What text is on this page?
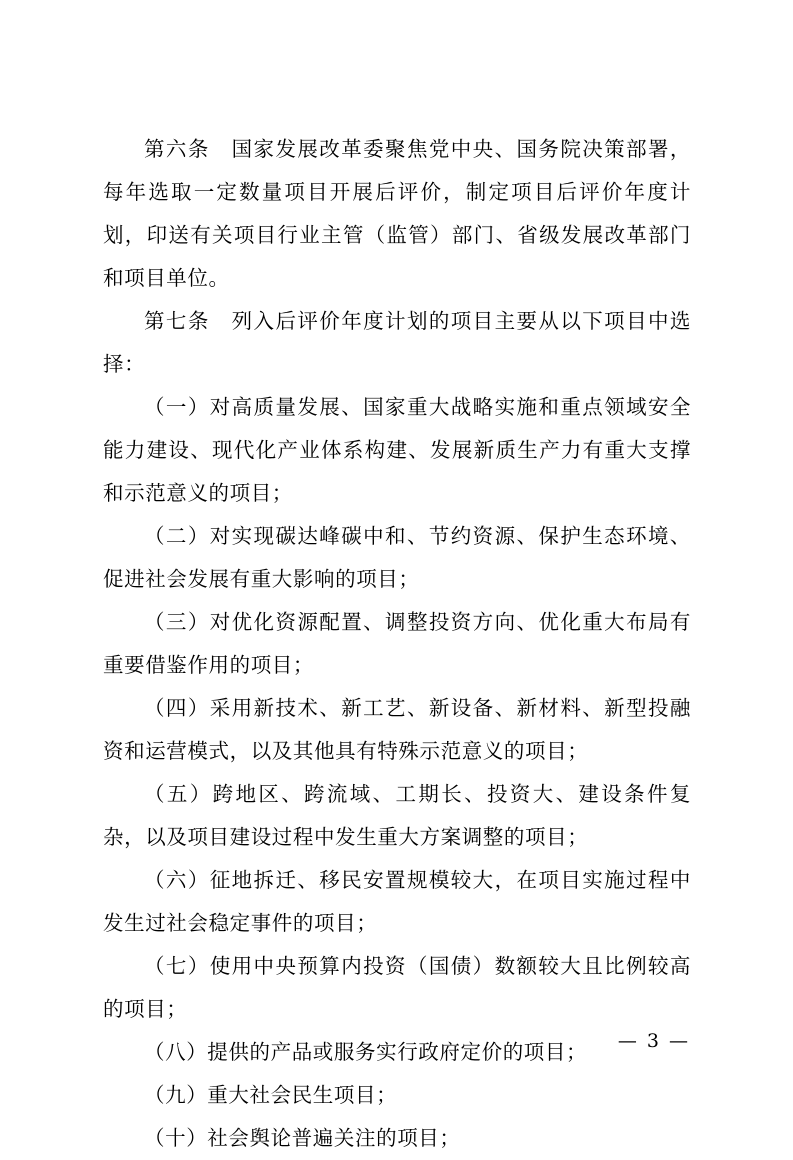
第六条　国家发展改革委聚焦党中央、国务院决策部署，每年选取一定数量项目开展后评价，制定项目后评价年度计划，印送有关项目行业主管（监管）部门、省级发展改革部门和项目单位。

第七条　列入后评价年度计划的项目主要从以下项目中选择：

（一）对高质量发展、国家重大战略实施和重点领域安全能力建设、现代化产业体系构建、发展新质生产力有重大支撑和示范意义的项目；

（二）对实现碳达峰碳中和、节约资源、保护生态环境、促进社会发展有重大影响的项目；

（三）对优化资源配置、调整投资方向、优化重大布局有重要借鉴作用的项目；

（四）采用新技术、新工艺、新设备、新材料、新型投融资和运营模式，以及其他具有特殊示范意义的项目；

（五）跨地区、跨流域、工期长、投资大、建设条件复杂，以及项目建设过程中发生重大方案调整的项目；

（六）征地拆迁、移民安置规模较大，在项目实施过程中发生过社会稳定事件的项目；

（七）使用中央预算内投资（国债）数额较大且比例较高的项目；

（八）提供的产品或服务实行政府定价的项目；

（九）重大社会民生项目；

（十）社会舆论普遍关注的项目；

— 3 —
